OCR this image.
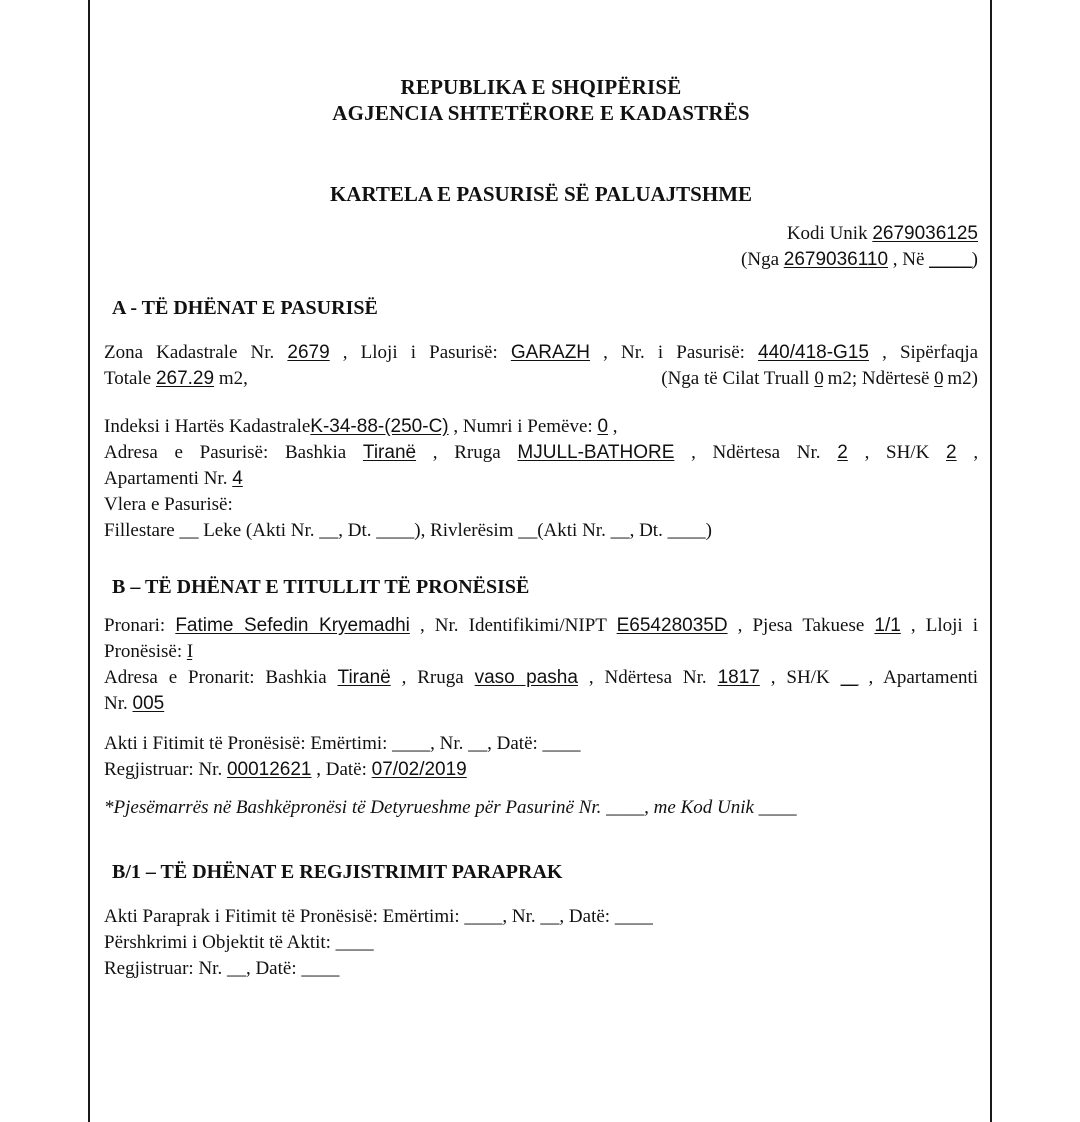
REPUBLIKA E SHQIPËRISË
AGJENCIA SHTETËRORE E KADASTRËS
KARTELA E PASURISË SË PALUAJTSHME
Kodi Unik 2679036125
(Nga 2679036110 , Në _____)
A - TË DHËNAT E PASURISË
Zona Kadastrale Nr. 2679 , Lloji i Pasurisë: GARAZH , Nr. i Pasurisë: 440/418-G15 , Sipërfaqja
Totale 267.29 m2,	(Nga të Cilat Truall 0 m2; Ndërtesë 0 m2)
Indeksi i Hartës KadastraleK-34-88-(250-C) , Numri i Pemëve: 0 ,
Adresa e Pasurisë: Bashkia Tiranë , Rruga MJULL-BATHORE , Ndërtesa Nr. 2 , SH/K 2 ,
Apartamenti Nr. 4
Vlera e Pasurisë:
Fillestare __ Leke (Akti Nr. __, Dt. ____), Rivlerësim __(Akti Nr. __, Dt. ____)
B – TË DHËNAT E TITULLIT TË PRONËSISË
Pronari: Fatime Sefedin Kryemadhi , Nr. Identifikimi/NIPT E65428035D , Pjesa Takuese 1/1 , Lloji i
Pronësisë: I
Adresa e Pronarit: Bashkia Tiranë , Rruga vaso pasha , Ndërtesa Nr. 1817 , SH/K __ , Apartamenti
Nr. 005
Akti i Fitimit të Pronësisë: Emërtimi: ____, Nr. __, Datë: ____
Regjistruar: Nr. 00012621 , Datë: 07/02/2019
*Pjesëmarrës në Bashkëpronësi të Detyrueshme për Pasurinë Nr. ____, me Kod Unik ____
B/1 – TË DHËNAT E REGJISTRIMIT PARAPRAK
Akti Paraprak i Fitimit të Pronësisë: Emërtimi: ____, Nr. __, Datë: ____
Përshkrimi i Objektit të Aktit: ____
Regjistruar: Nr. __, Datë: ____
